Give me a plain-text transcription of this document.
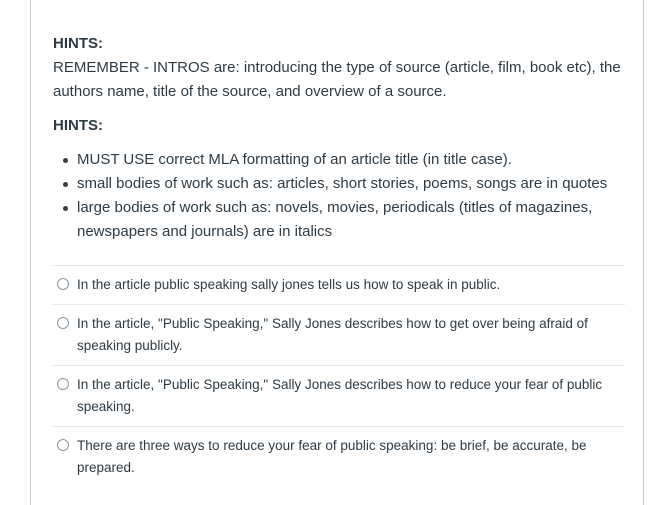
HINTS:

REMEMBER - INTROS are: introducing the type of source (article, film, book etc), the authors name, title of the source, and overview of a source.

HINTS:

MUST USE correct MLA formatting of an article title (in title case).
small bodies of work such as: articles, short stories, poems, songs are in quotes
large bodies of work such as: novels, movies, periodicals (titles of magazines, newspapers and journals) are in italics
In the article public speaking sally jones tells us how to speak in public.
In the article, "Public Speaking," Sally Jones describes how to get over being afraid of speaking publicly.
In the article, "Public Speaking," Sally Jones describes how to reduce your fear of public speaking.
There are three ways to reduce your fear of public speaking: be brief, be accurate, be prepared.
